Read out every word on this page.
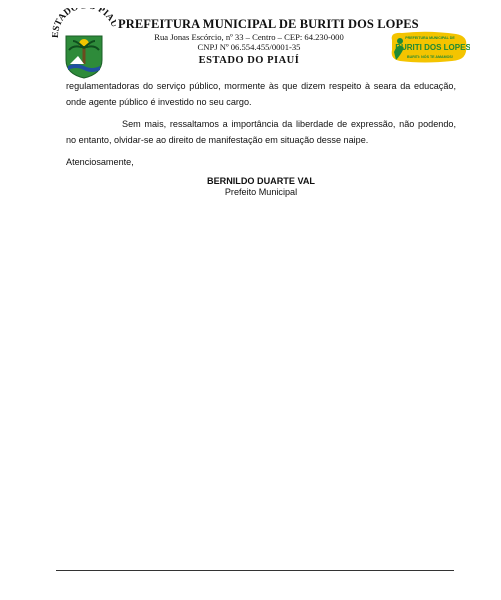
STADO PIA PREFEITURA MUNICIPAL DE BURITI DOS LOPES
Rua Jonas Escórcio, nº 33 – Centro – CEP: 64.230-000
CNPJ Nº 06.554.455/0001-35
ESTADO DO PIAUÍ
PREFEITURA MUNICIPAL DE
BURITI DOS LOPES
BURITI: NÓS TE AMAMOS!

regulamentadoras do serviço público, mormente às que dizem respeito à seara da educação, onde agente público é investido no seu cargo.

Sem mais, ressaltamos a importância da liberdade de expressão, não podendo, no entanto, olvidar-se ao direito de manifestação em situação desse naipe.

Atenciosamente,

BERNILDO DUARTE VAL
Prefeito Municipal
